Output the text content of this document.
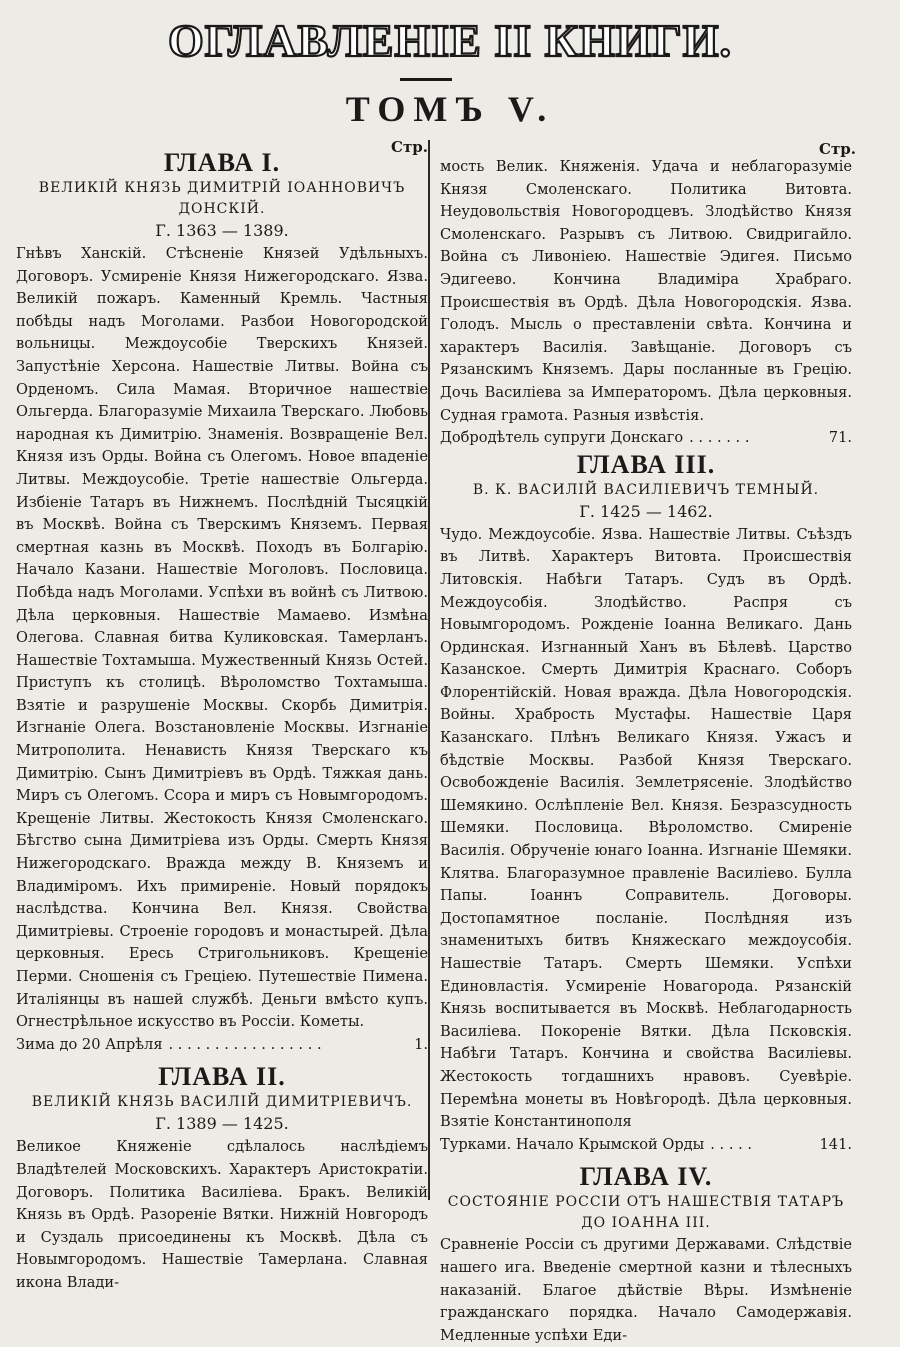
ОГЛАВЛЕНІЕ II КНИГИ.
ТОМЪ V.
Стр.
ГЛАВА I.
ВЕЛИКІЙ КНЯЗЬ ДИМИТРІЙ ІОАННОВИЧЪ ДОНСКІЙ.
Г. 1363 — 1389.

Гнѣвъ Ханскій. Стѣсненіе Князей Удѣльныхъ. Договоръ. Усмиреніе Князя Нижегородскаго. Язва. Великій пожаръ. Каменный Кремль. Частныя побѣды надъ Моголами. Разбои Новогородской вольницы. Междоусобіе Тверскихъ Князей. Запустѣніе Херсона. Нашествіе Литвы. Война съ Ордeномъ. Сила Мамая. Вторичное нашествіе Ольгерда. Благоразуміе Михаила Тверскаго. Любовь народная къ Димитрію. Знаменія. Возвращеніе Вел. Князя изъ Орды. Война съ Олегомъ. Новое впаденіе Литвы. Междоусобіе. Третіе нашествіе Ольгерда. Избіеніе Татаръ въ Нижнемъ. Послѣдній Тысяцкій въ Москвѣ. Война съ Тверскимъ Княземъ. Первая смертная казнь въ Москвѣ. Походъ въ Болгарію. Начало Казани. Нашествіе Моголовъ. Пословица. Побѣда надъ Моголами. Успѣхи въ войнѣ съ Литвою. Дѣла церковныя. Нашествіе Мамаево. Измѣна Олегова. Славная битва Куликовская. Тамерланъ. Нашествіе Тохтамыша. Мужественный Князь Остей. Приступъ къ столицѣ. Вѣроломство Тохтамыша. Взятіе и разрушеніе Москвы. Скорбь Димитрія. Изгнаніе Олега. Возстановленіе Москвы. Изгнаніе Митрополита. Ненависть Князя Тверскаго къ Димитрію. Сынъ Димитріевъ въ Ордѣ. Тяжкая дань. Миръ съ Олегомъ. Ссора и миръ съ Новымгородомъ. Крещеніе Литвы. Жестокость Князя Смоленскаго. Бѣгство сына Димитріева изъ Орды. Смерть Князя Нижегородскаго. Вражда между В. Княземъ и Владиміромъ. Ихъ примиреніе. Новый порядокъ наслѣдства. Кончина Вел. Князя. Свойства Димитріевы. Строеніе городовъ и монастырей. Дѣла церковныя. Ересь Стригольниковъ. Крещеніе Перми. Сношенія съ Греціею. Путешествіе Пимена. Италіянцы въ нашей службѣ. Деньги вмѣсто купъ. Огнестрѣльное искусство въ Россіи. Кометы.

Зима до 20 Апрѣля . . . . . . . . . . . . . . . . .	1.
ГЛАВА II.
ВЕЛИКІЙ КНЯЗЬ ВАСИЛІЙ ДИМИТРІЕВИЧЪ.
Г. 1389 — 1425.

Великое Княженіе сдѣлалось наслѣдіемъ Владѣтелей Московскихъ. Характеръ Аристократіи. Договоръ. Политика Василіева. Бракъ. Великій Князь въ Ордѣ. Разореніе Вятки. Нижній Новгородъ и Суздаль присоединены къ Москвѣ. Дѣла съ Новымгородомъ. Нашествіе Тамерлана. Славная икона Влади-

Стр.

мость Велик. Княженія. Удача и неблагоразуміе Князя Смоленскаго. Политика Витовта. Неудовольствія Новогородцевъ. Злодѣйство Князя Смоленскаго. Разрывъ съ Литвою. Свидригайло. Война съ Ливоніею. Нашествіе Эдигея. Письмо Эдигеево. Кончина Владиміра Храбраго. Происшествія въ Ордѣ. Дѣла Новогородскія. Язва. Голодъ. Мысль о преставленіи свѣта. Кончина и характеръ Василія. Завѣщаніе. Договоръ съ Рязанскимъ Княземъ. Дары посланные въ Грецію. Дочь Василіева за Императоромъ. Дѣла церковныя. Судная грамота. Разныя извѣстія.

Добродѣтель супруги Донскаго . . . . . . .	71.
ГЛАВА III.
В. К. ВАСИЛІЙ ВАСИЛІЕВИЧЪ ТЕМНЫЙ.
Г. 1425 — 1462.

Чудо. Междоусобіе. Язва. Нашествіе Литвы. Съѣздъ въ Литвѣ. Характеръ Витовта. Происшествія Литовскія. Набѣги Татаръ. Судъ въ Ордѣ. Междоусобія. Злодѣйство. Распря съ Новымгородомъ. Рожденіе Іоанна Великаго. Дань Ординская. Изгнанный Ханъ въ Бѣлевѣ. Царство Казанское. Смерть Димитрія Краснаго. Соборъ Флорентійскій. Новая вражда. Дѣла Новогородскія. Войны. Храбрость Мустафы. Нашествіе Царя Казанскаго. Плѣнъ Великаго Князя. Ужасъ и бѣдствіе Москвы. Разбой Князя Тверскаго. Освобожденіе Василія. Землетрясеніе. Злодѣйство Шемякино. Ослѣпленіе Вел. Князя. Безразсудность Шемяки. Пословица. Вѣроломство. Смиреніе Василія. Обрученіе юнаго Іоанна. Изгнаніе Шемяки. Клятва. Благоразумное правленіе Василіево. Булла Папы. Іоаннъ Соправитель. Договоры. Достопамятное посланіе. Послѣдняя изъ знаменитыхъ битвъ Княжескаго междоусобія. Нашествіе Татаръ. Смерть Шемяки. Успѣхи Единовластія. Усмиреніе Новагорода. Рязанскій Князь воспитывается въ Москвѣ. Неблагодарность Василіева. Покореніе Вятки. Дѣла Псковскія. Набѣги Татаръ. Кончина и свойства Василіевы. Жестокость тогдашнихъ нравовъ. Суевѣріе. Перемѣна монеты въ Новѣгородѣ. Дѣла церковныя. Взятіе Константинополя

Турками. Начало Крымской Орды . . . . .	141.
ГЛАВА IV.
СОСТОЯНІЕ РОССІИ ОТЪ НАШЕСТВІЯ ТАТАРЪ ДО ІОАННА III.

Сравненіе Россіи съ другими Державами. Слѣдствіе нашего ига. Введеніе смертной казни и тѣлесныхъ наказаній. Благое дѣйствіе Вѣры. Измѣненіе гражданскаго порядка. Начало Самодержавія. Медленные успѣхи Еди-
